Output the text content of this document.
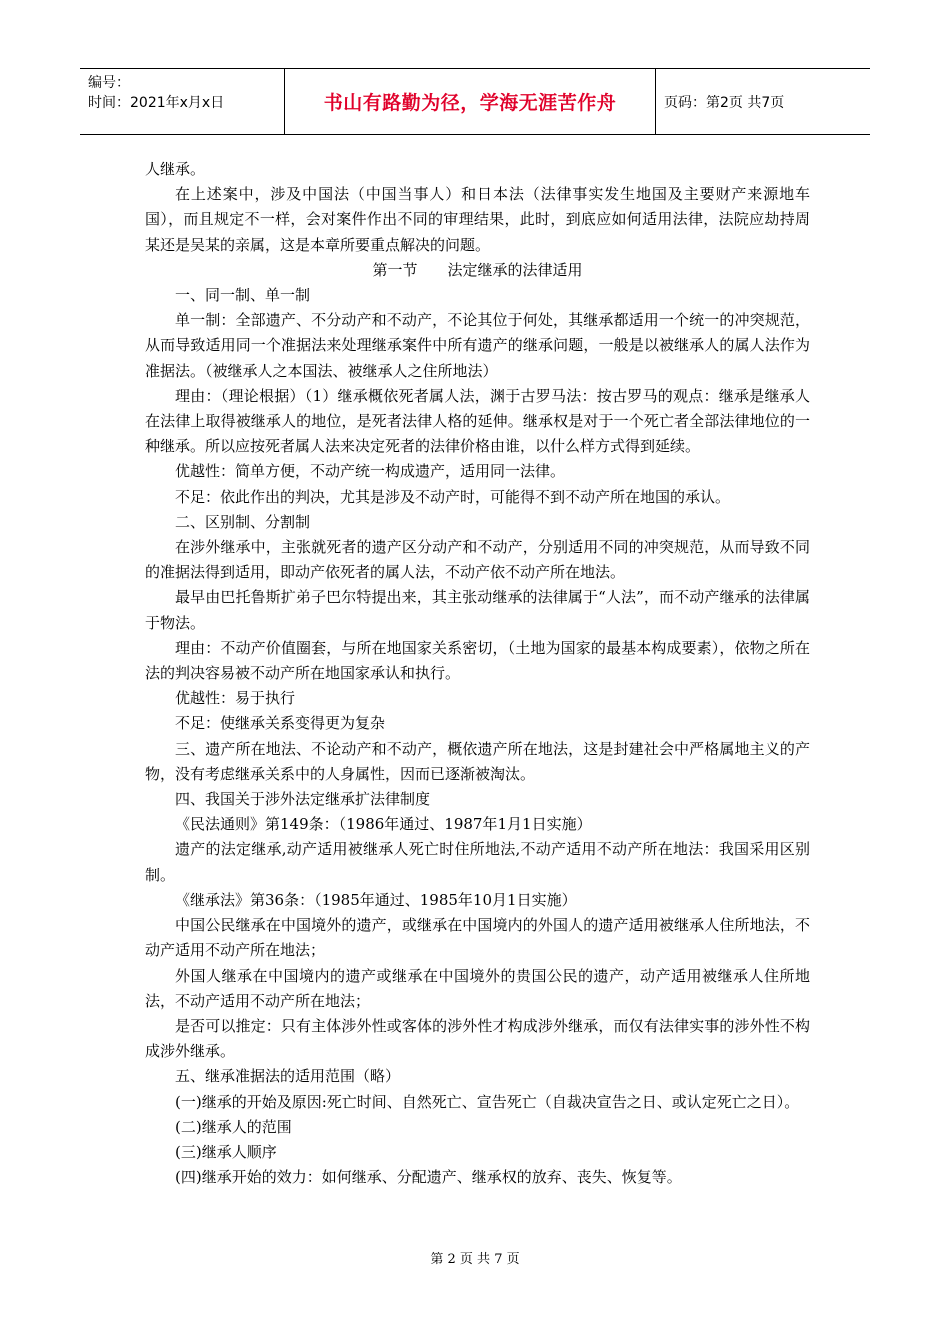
编号：
时间：2021年x月x日	书山有路勤为径，学海无涯苦作舟	页码：第2页 共7页

人继承。

在上述案中，涉及中国法（中国当事人）和日本法（法律事实发生地国及主要财产来源地车国），而且规定不一样，会对案件作出不同的审理结果，此时，到底应如何适用法律，法院应劫持周某还是吴某的亲属，这是本章所要重点解决的问题。

第一节　　法定继承的法律适用

一、同一制、单一制

单一制：全部遗产、不分动产和不动产，不论其位于何处，其继承都适用一个统一的冲突规范，从而导致适用同一个准据法来处理继承案件中所有遗产的继承问题，一般是以被继承人的属人法作为准据法。（被继承人之本国法、被继承人之住所地法）

理由：（理论根据）（1）继承概依死者属人法，渊于古罗马法：按古罗马的观点：继承是继承人在法律上取得被继承人的地位，是死者法律人格的延伸。继承权是对于一个死亡者全部法律地位的一种继承。所以应按死者属人法来决定死者的法律价格由谁，以什么样方式得到延续。

优越性：简单方便，不动产统一构成遗产，适用同一法律。

不足：依此作出的判决，尤其是涉及不动产时，可能得不到不动产所在地国的承认。

二、区别制、分割制

在涉外继承中，主张就死者的遗产区分动产和不动产，分别适用不同的冲突规范，从而导致不同的准据法得到适用，即动产依死者的属人法，不动产依不动产所在地法。

最早由巴托鲁斯扩弟子巴尔特提出来，其主张动继承的法律属于“人法”，而不动产继承的法律属于物法。

理由：不动产价值圈套，与所在地国家关系密切，（土地为国家的最基本构成要素），依物之所在法的判决容易被不动产所在地国家承认和执行。

优越性：易于执行

不足：使继承关系变得更为复杂

三、遗产所在地法、不论动产和不动产，概依遗产所在地法，这是封建社会中严格属地主义的产物，没有考虑继承关系中的人身属性，因而已逐渐被淘汰。

四、我国关于涉外法定继承扩法律制度

《民法通则》第149条：（1986年通过、1987年1月1日实施）

遗产的法定继承,动产适用被继承人死亡时住所地法,不动产适用不动产所在地法：我国采用区别制。

《继承法》第36条：（1985年通过、1985年10月1日实施）

中国公民继承在中国境外的遗产，或继承在中国境内的外国人的遗产适用被继承人住所地法，不动产适用不动产所在地法；

外国人继承在中国境内的遗产或继承在中国境外的贵国公民的遗产，动产适用被继承人住所地法，不动产适用不动产所在地法；

是否可以推定：只有主体涉外性或客体的涉外性才构成涉外继承，而仅有法律实事的涉外性不构成涉外继承。

五、继承准据法的适用范围（略）

(一)继承的开始及原因:死亡时间、自然死亡、宣告死亡（自裁决宣告之日、或认定死亡之日）。

(二)继承人的范围

(三)继承人顺序

(四)继承开始的效力：如何继承、分配遗产、继承权的放弃、丧失、恢复等。

第 2 页 共 7 页
